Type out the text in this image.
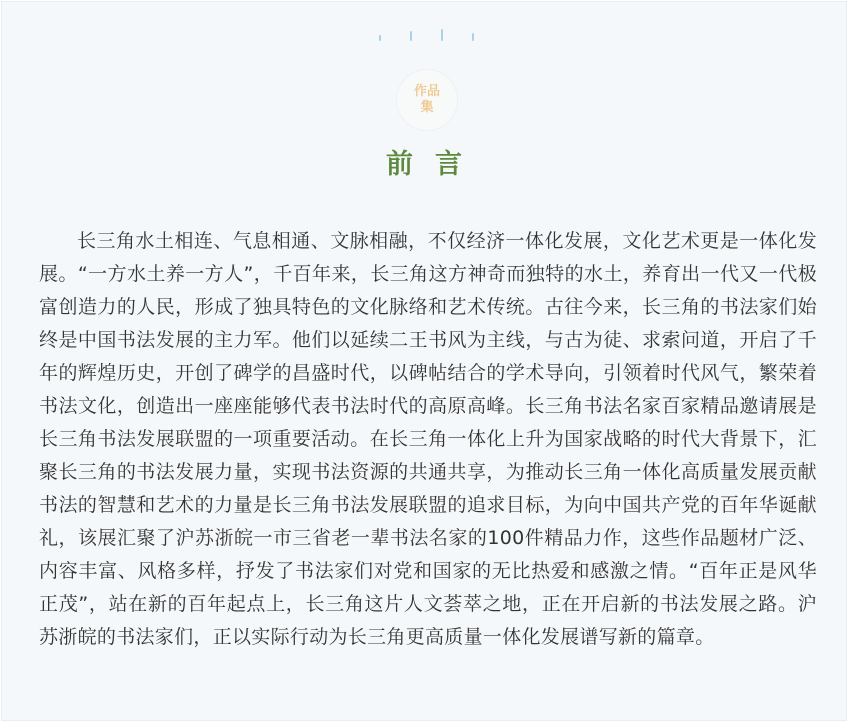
作品集
前言

长三角水土相连、气息相通、文脉相融，不仅经济一体化发展，文化艺术更是一体化发展。“一方水土养一方人”，千百年来，长三角这方神奇而独特的水土，养育出一代又一代极富创造力的人民，形成了独具特色的文化脉络和艺术传统。古往今来，长三角的书法家们始终是中国书法发展的主力军。他们以延续二王书风为主线，与古为徒、求索问道，开启了千年的辉煌历史，开创了碑学的昌盛时代，以碑帖结合的学术导向，引领着时代风气，繁荣着书法文化，创造出一座座能够代表书法时代的高原高峰。长三角书法名家百家精品邀请展是长三角书法发展联盟的一项重要活动。在长三角一体化上升为国家战略的时代大背景下，汇聚长三角的书法发展力量，实现书法资源的共通共享，为推动长三角一体化高质量发展贡献书法的智慧和艺术的力量是长三角书法发展联盟的追求目标，为向中国共产党的百年华诞献礼，该展汇聚了沪苏浙皖一市三省老一辈书法名家的100件精品力作，这些作品题材广泛、内容丰富、风格多样，抒发了书法家们对党和国家的无比热爱和感激之情。“百年正是风华正茂”，站在新的百年起点上，长三角这片人文荟萃之地，正在开启新的书法发展之路。沪苏浙皖的书法家们，正以实际行动为长三角更高质量一体化发展谱写新的篇章。
